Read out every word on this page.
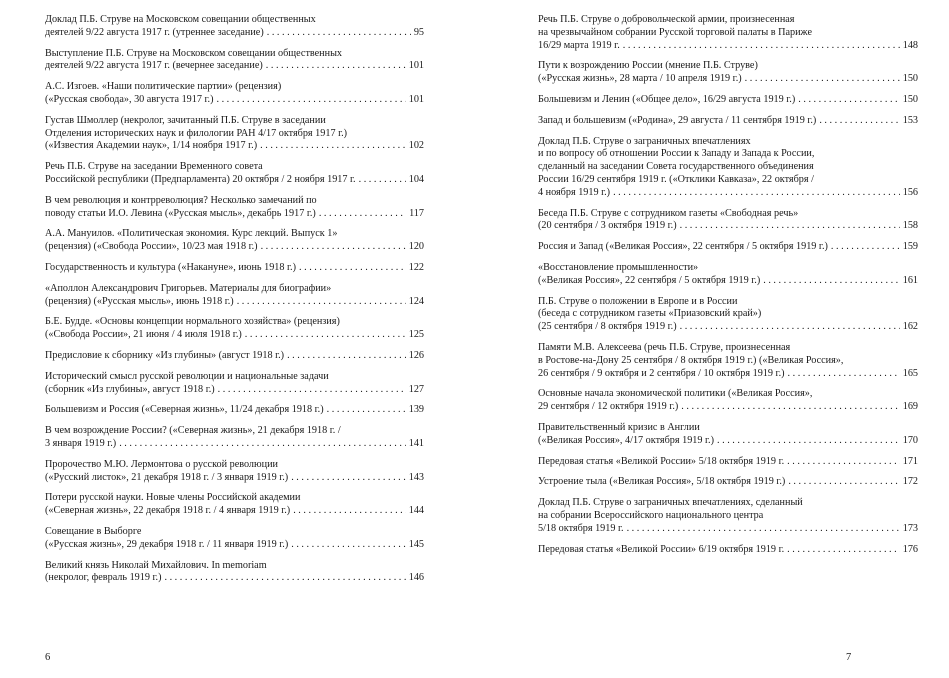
Доклад П.Б. Струве на Московском совещании общественных
деятелей 9/22 августа 1917 г. (утреннее заседание) . . .	95
Выступление П.Б. Струве на Московском совещании общественных
деятелей 9/22 августа 1917 г. (вечернее заседание) . . .	101
А.С. Изгоев. «Наши политические партии» (рецензия)
(«Русская свобода», 30 августа 1917 г.) . . .	101
Густав Шмоллер (некролог, зачитанный П.Б. Струве в заседании
Отделения исторических наук и филологии РАН 4/17 октября 1917 г.)
(«Известия Академии наук», 1/14 ноября 1917 г.) . . .	102
Речь П.Б. Струве на заседании Временного совета
Российской республики (Предпарламента) 20 октября / 2 ноября 1917 г. . . .	104
В чем революция и контрреволюция? Несколько замечаний по
поводу статьи И.О. Левина («Русская мысль», декабрь 1917 г.) . . .	117
А.А. Мануилов. «Политическая экономия. Курс лекций. Выпуск 1»
(рецензия) («Свобода России», 10/23 мая 1918 г.) . . .	120
Государственность и культура («Накануне», июнь 1918 г.) . . .	122
«Аполлон Александрович Григорьев. Материалы для биографии»
(рецензия) («Русская мысль», июнь 1918 г.) . . .	124
Б.Е. Будде. «Основы концепции нормального хозяйства» (рецензия)
(«Свобода России», 21 июня / 4 июля 1918 г.) . . .	125
Предисловие к сборнику «Из глубины» (август 1918 г.) . . .	126
Исторический смысл русской революции и национальные задачи
(сборник «Из глубины», август 1918 г.) . . .	127
Большевизм и Россия («Северная жизнь», 11/24 декабря 1918 г.) . . .	139
В чем возрождение России? («Северная жизнь», 21 декабря 1918 г. /
3 января 1919 г.) . . .	141
Пророчество М.Ю. Лермонтова о русской революции
(«Русский листок», 21 декабря 1918 г. / 3 января 1919 г.) . . .	143
Потери русской науки. Новые члены Российской академии
(«Северная жизнь», 22 декабря 1918 г. / 4 января 1919 г.) . . .	144
Совещание в Выборге
(«Русская жизнь», 29 декабря 1918 г. / 11 января 1919 г.) . . .	145
Великий князь Николай Михайлович. In memoriam
(некролог, февраль 1919 г.) . . .	146
Речь П.Б. Струве о добровольческой армии, произнесенная
на чрезвычайном собрании Русской торговой палаты в Париже
16/29 марта 1919 г. . . .	148
Пути к возрождению России (мнение П.Б. Струве)
(«Русская жизнь», 28 марта / 10 апреля 1919 г.) . . .	150
Большевизм и Ленин («Общее дело», 16/29 августа 1919 г.) . . .	150
Запад и большевизм («Родина», 29 августа / 11 сентября 1919 г.) . . .	153
Доклад П.Б. Струве о заграничных впечатлениях
и по вопросу об отношении России к Западу и Запада к России,
сделанный на заседании Совета государственного объединения
России 16/29 сентября 1919 г. («Отклики Кавказа», 22 октября /
4 ноября 1919 г.) . . .	156
Беседа П.Б. Струве с сотрудником газеты «Свободная речь»
(20 сентября / 3 октября 1919 г.) . . .	158
Россия и Запад («Великая Россия», 22 сентября / 5 октября 1919 г.) . . .	159
«Восстановление промышленности»
(«Великая Россия», 22 сентября / 5 октября 1919 г.) . . .	161
П.Б. Струве о положении в Европе и в России
(беседа с сотрудником газеты «Приазовский край»)
(25 сентября / 8 октября 1919 г.) . . .	162
Памяти М.В. Алексеева (речь П.Б. Струве, произнесенная
в Ростове-на-Дону 25 сентября / 8 октября 1919 г.) («Великая Россия»,
26 сентября / 9 октября и 2 сентября / 10 октября 1919 г.) . . .	165
Основные начала экономической политики («Великая Россия»,
29 сентября / 12 октября 1919 г.) . . .	169
Правительственный кризис в Англии
(«Великая Россия», 4/17 октября 1919 г.) . . .	170
Передовая статья «Великой России» 5/18 октября 1919 г. . . .	171
Устроение тыла («Великая Россия», 5/18 октября 1919 г.) . . .	172
Доклад П.Б. Струве о заграничных впечатлениях, сделанный
на собрании Всероссийского национального центра
5/18 октября 1919 г. . . .	173
Передовая статья «Великой России» 6/19 октября 1919 г. . . .	176
6	7
